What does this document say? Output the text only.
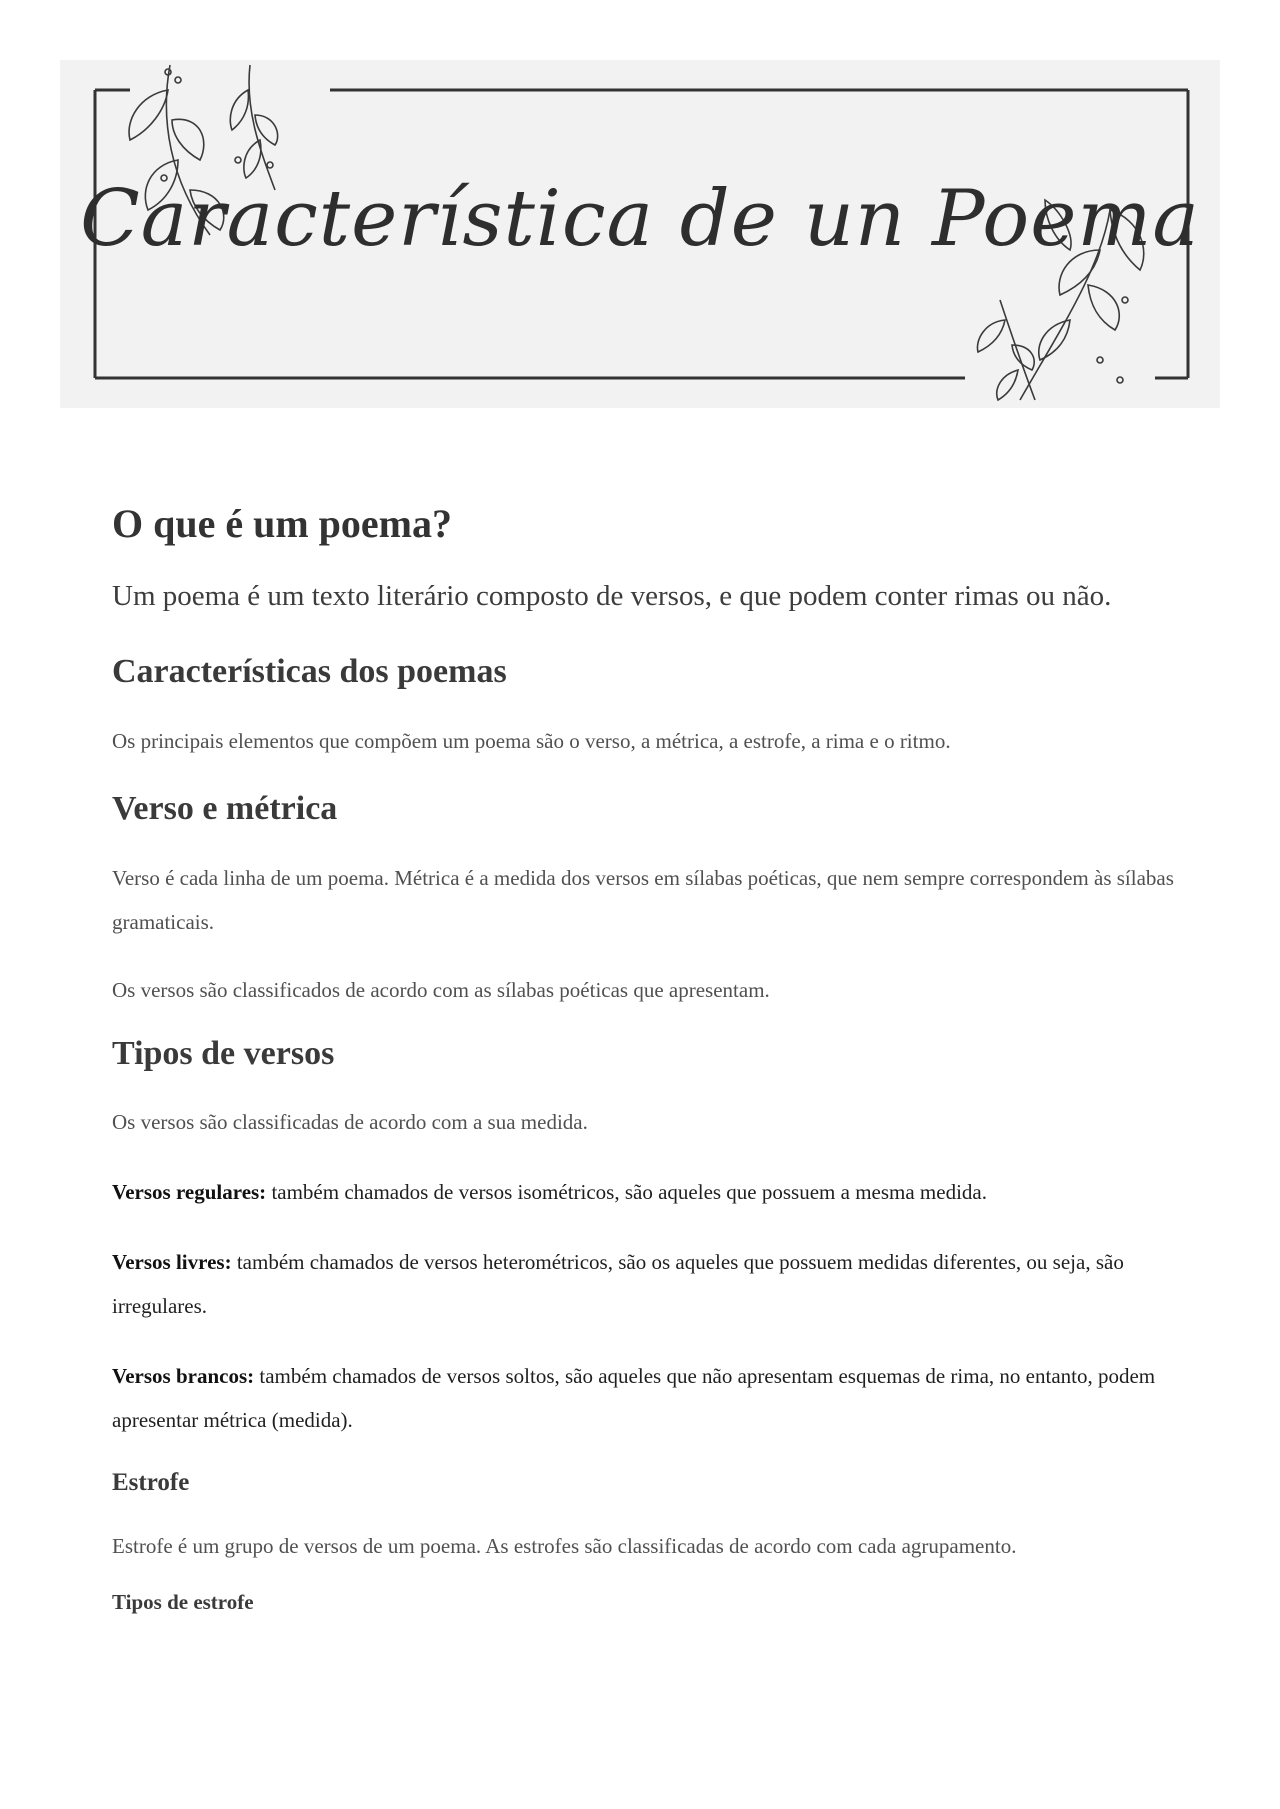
Característica de un Poema
O que é um poema?

Um poema é um texto literário composto de versos, e que podem conter rimas ou não.

Características dos poemas

Os principais elementos que compõem um poema são o verso, a métrica, a estrofe, a rima e o ritmo.

Verso e métrica

Verso é cada linha de um poema. Métrica é a medida dos versos em sílabas poéticas, que nem sempre correspondem às sílabas gramaticais.

Os versos são classificados de acordo com as sílabas poéticas que apresentam.

Tipos de versos

Os versos são classificadas de acordo com a sua medida.

Versos regulares: também chamados de versos isométricos, são aqueles que possuem a mesma medida.

Versos livres: também chamados de versos heterométricos, são os aqueles que possuem medidas diferentes, ou seja, são irregulares.

Versos brancos: também chamados de versos soltos, são aqueles que não apresentam esquemas de rima, no entanto, podem apresentar métrica (medida).

Estrofe

Estrofe é um grupo de versos de um poema. As estrofes são classificadas de acordo com cada agrupamento.

Tipos de estrofe
